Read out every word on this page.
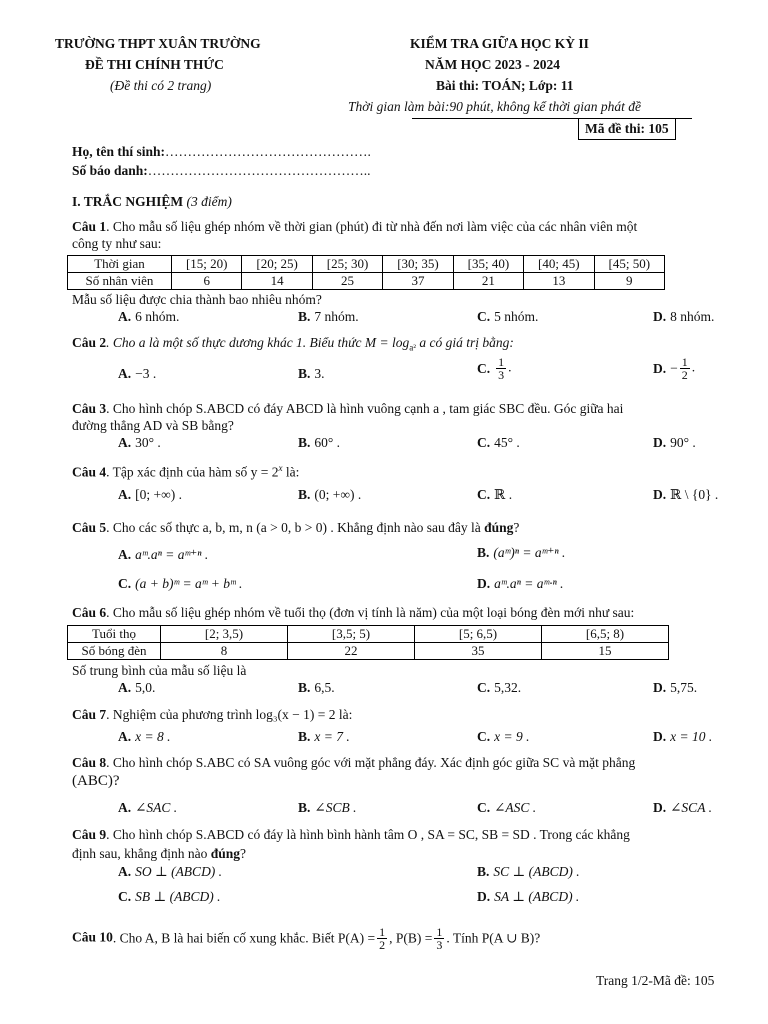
TRƯỜNG THPT XUÂN TRƯỜNG
ĐỀ THI CHÍNH THỨC
(Đề thi có 2 trang)
KIỂM TRA GIỮA HỌC KỲ II
NĂM HỌC 2023 - 2024
Bài thi: TOÁN; Lớp: 11
Thời gian làm bài:90 phút, không kể thời gian phát đề
Mã đề thi: 105
Họ, tên thí sinh:……………………………………….
Số báo danh:…………………………………………..
I. TRẮC NGHIỆM (3 điểm)
Câu 1. Cho mẫu số liệu ghép nhóm về thời gian (phút) đi từ nhà đến nơi làm việc của các nhân viên một
công ty như sau:
Thời gian	[15; 20)	[20; 25)	[25; 30)	[30; 35)	[35; 40)	[40; 45)	[45; 50)
Số nhân viên	6	14	25	37	21	13	9
Mẫu số liệu được chia thành bao nhiêu nhóm?
A. 6 nhóm.	B. 7 nhóm.	C. 5 nhóm.	D. 8 nhóm.
Câu 2. Cho a là một số thực dương khác 1. Biểu thức $M = \log_{a^2} a$ có giá trị bằng:
A. −3 .	B. 3.	C. $\frac{1}{3}$ .	D. − $\frac{1}{2}$ .
Câu 3. Cho hình chóp S.ABCD có đáy ABCD là hình vuông cạnh a , tam giác SBC đều. Góc giữa hai
đường thẳng AD và SB bằng?
A. 30° .	B. 60° .	C. 45° .	D. 90° .
Câu 4. Tập xác định của hàm số $y = 2^x$ là:
A. [0; +∞) .	B. (0; +∞) .	C. ℝ .	D. ℝ \ {0} .
Câu 5. Cho các số thực a, b, m, n (a > 0, b > 0) . Khẳng định nào sau đây là đúng?
A. aᵐ.aⁿ = aᵐ⁺ⁿ .	B. (aᵐ)ⁿ = aᵐ⁺ⁿ .
C. (a + b)ᵐ = aᵐ + bᵐ .	D. aᵐ.aⁿ = aᵐ·ⁿ .
Câu 6. Cho mẫu số liệu ghép nhóm về tuổi thọ (đơn vị tính là năm) của một loại bóng đèn mới như sau:
Tuổi thọ	[2; 3,5)	[3,5; 5)	[5; 6,5)	[6,5; 8)
Số bóng đèn	8	22	35	15
Số trung bình của mẫu số liệu là
A. 5,0.	B. 6,5.	C. 5,32.	D. 5,75.
Câu 7. Nghiệm của phương trình log₃(x − 1) = 2 là:
A. x = 8 .	B. x = 7 .	C. x = 9 .	D. x = 10 .
Câu 8. Cho hình chóp S.ABC có SA vuông góc với mặt phẳng đáy. Xác định góc giữa SC và mặt phẳng
(ABC)?
A. ∠SAC .	B. ∠SCB .	C. ∠ASC .	D. ∠SCA .
Câu 9. Cho hình chóp S.ABCD có đáy là hình bình hành tâm O , SA = SC, SB = SD . Trong các khẳng
định sau, khẳng định nào đúng?
A. SO ⊥ (ABCD) .	B. SC ⊥ (ABCD) .
C. SB ⊥ (ABCD) .	D. SA ⊥ (ABCD) .
Câu 10. Cho A, B là hai biến cố xung khắc. Biết $P(A) = \frac{1}{2}$ , $P(B) = \frac{1}{3}$ . Tính P(A ∪ B)?
Trang 1/2-Mã đề: 105
